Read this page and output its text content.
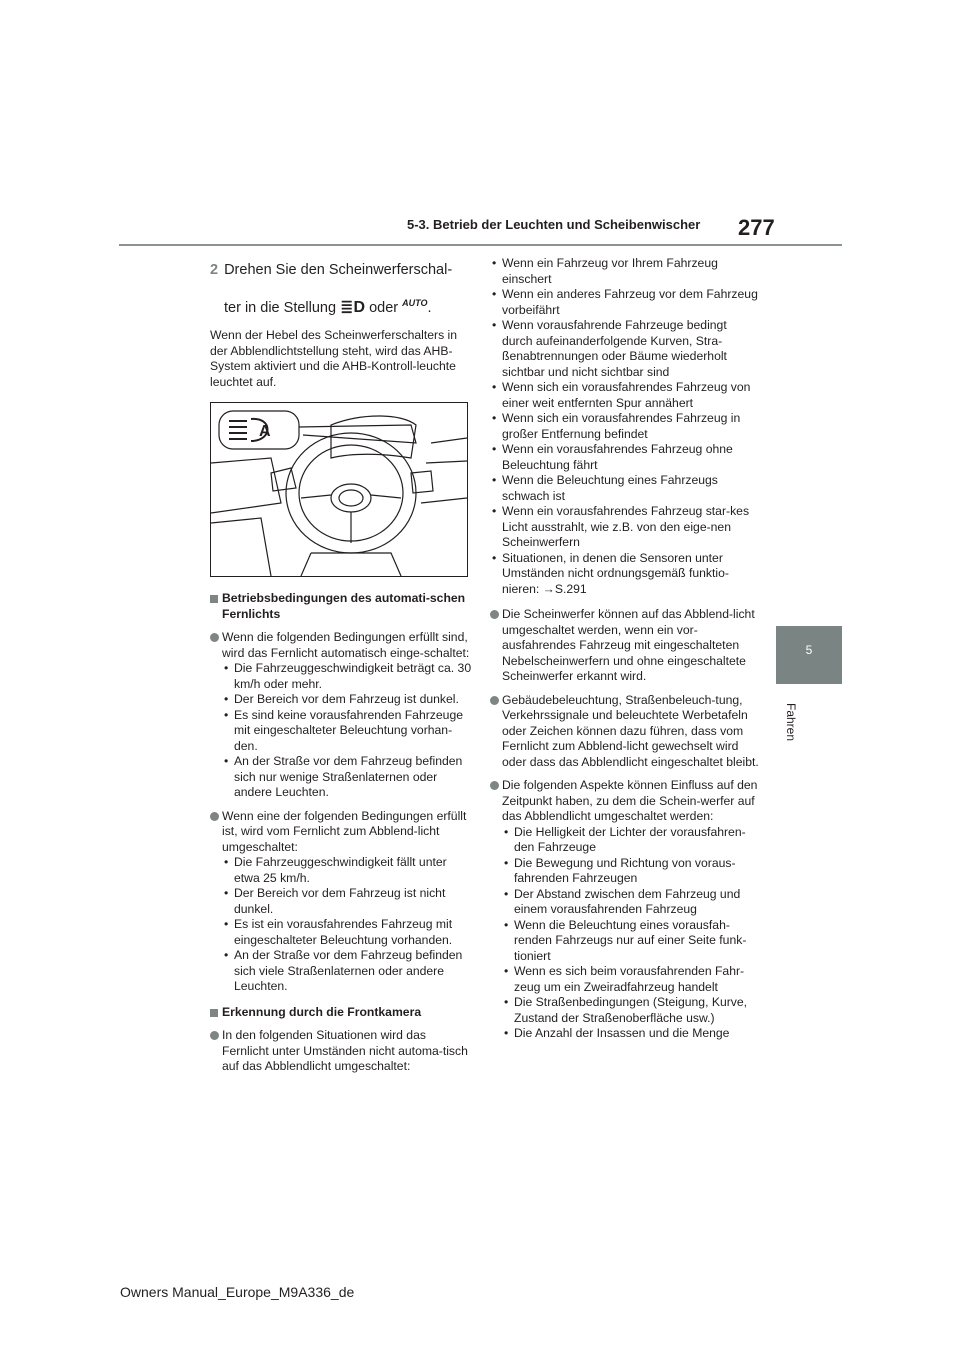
5-3. Betrieb der Leuchten und Scheibenwischer 277
5
Fahren
2 Drehen Sie den Scheinwerferschal-
ter in die Stellung ≣D oder $^{AUTO}$.

Wenn der Hebel des Scheinwerferschalters in der Abblendlichtstellung steht, wird das AHB-System aktiviert und die AHB-Kontroll-leuchte leuchtet auf.

A
Betriebsbedingungen des automati-schen Fernlichts
Wenn die folgenden Bedingungen erfüllt sind, wird das Fernlicht automatisch einge-schaltet:
• Die Fahrzeuggeschwindigkeit beträgt ca. 30 km/h oder mehr.
• Der Bereich vor dem Fahrzeug ist dunkel.
• Es sind keine vorausfahrenden Fahrzeuge mit eingeschalteter Beleuchtung vorhan-den.
• An der Straße vor dem Fahrzeug befinden sich nur wenige Straßenlaternen oder andere Leuchten.
Wenn eine der folgenden Bedingungen erfüllt ist, wird vom Fernlicht zum Abblend-licht umgeschaltet:
• Die Fahrzeuggeschwindigkeit fällt unter etwa 25 km/h.
• Der Bereich vor dem Fahrzeug ist nicht dunkel.
• Es ist ein vorausfahrendes Fahrzeug mit eingeschalteter Beleuchtung vorhanden.
• An der Straße vor dem Fahrzeug befinden sich viele Straßenlaternen oder andere Leuchten.
Erkennung durch die Frontkamera
In den folgenden Situationen wird das Fernlicht unter Umständen nicht automa-tisch auf das Abblendlicht umgeschaltet:
• Wenn ein Fahrzeug vor Ihrem Fahrzeug einschert
• Wenn ein anderes Fahrzeug vor dem Fahrzeug vorbeifährt
• Wenn vorausfahrende Fahrzeuge bedingt durch aufeinanderfolgende Kurven, Stra-ßenabtrennungen oder Bäume wiederholt sichtbar und nicht sichtbar sind
• Wenn sich ein vorausfahrendes Fahrzeug von einer weit entfernten Spur annähert
• Wenn sich ein vorausfahrendes Fahrzeug in großer Entfernung befindet
• Wenn ein vorausfahrendes Fahrzeug ohne Beleuchtung fährt
• Wenn die Beleuchtung eines Fahrzeugs schwach ist
• Wenn ein vorausfahrendes Fahrzeug star-kes Licht ausstrahlt, wie z.B. von den eige-nen Scheinwerfern
• Situationen, in denen die Sensoren unter Umständen nicht ordnungsgemäß funktio-nieren: →S.291
Die Scheinwerfer können auf das Abblend-licht umgeschaltet werden, wenn ein vor-ausfahrendes Fahrzeug mit eingeschalteten Nebelscheinwerfern und ohne eingeschaltete Scheinwerfer erkannt wird.
Gebäudebeleuchtung, Straßenbeleuch-tung, Verkehrssignale und beleuchtete Werbetafeln oder Zeichen können dazu führen, dass vom Fernlicht zum Abblend-licht gewechselt wird oder dass das Abblendlicht eingeschaltet bleibt.
Die folgenden Aspekte können Einfluss auf den Zeitpunkt haben, zu dem die Schein-werfer auf das Abblendlicht umgeschaltet werden:
• Die Helligkeit der Lichter der vorausfahren-den Fahrzeuge
• Die Bewegung und Richtung von voraus-fahrenden Fahrzeugen
• Der Abstand zwischen dem Fahrzeug und einem vorausfahrenden Fahrzeug
• Wenn die Beleuchtung eines vorausfah-renden Fahrzeugs nur auf einer Seite funk-tioniert
• Wenn es sich beim vorausfahrenden Fahr-zeug um ein Zweiradfahrzeug handelt
• Die Straßenbedingungen (Steigung, Kurve, Zustand der Straßenoberfläche usw.)
• Die Anzahl der Insassen und die Menge
Owners Manual_Europe_M9A336_de
